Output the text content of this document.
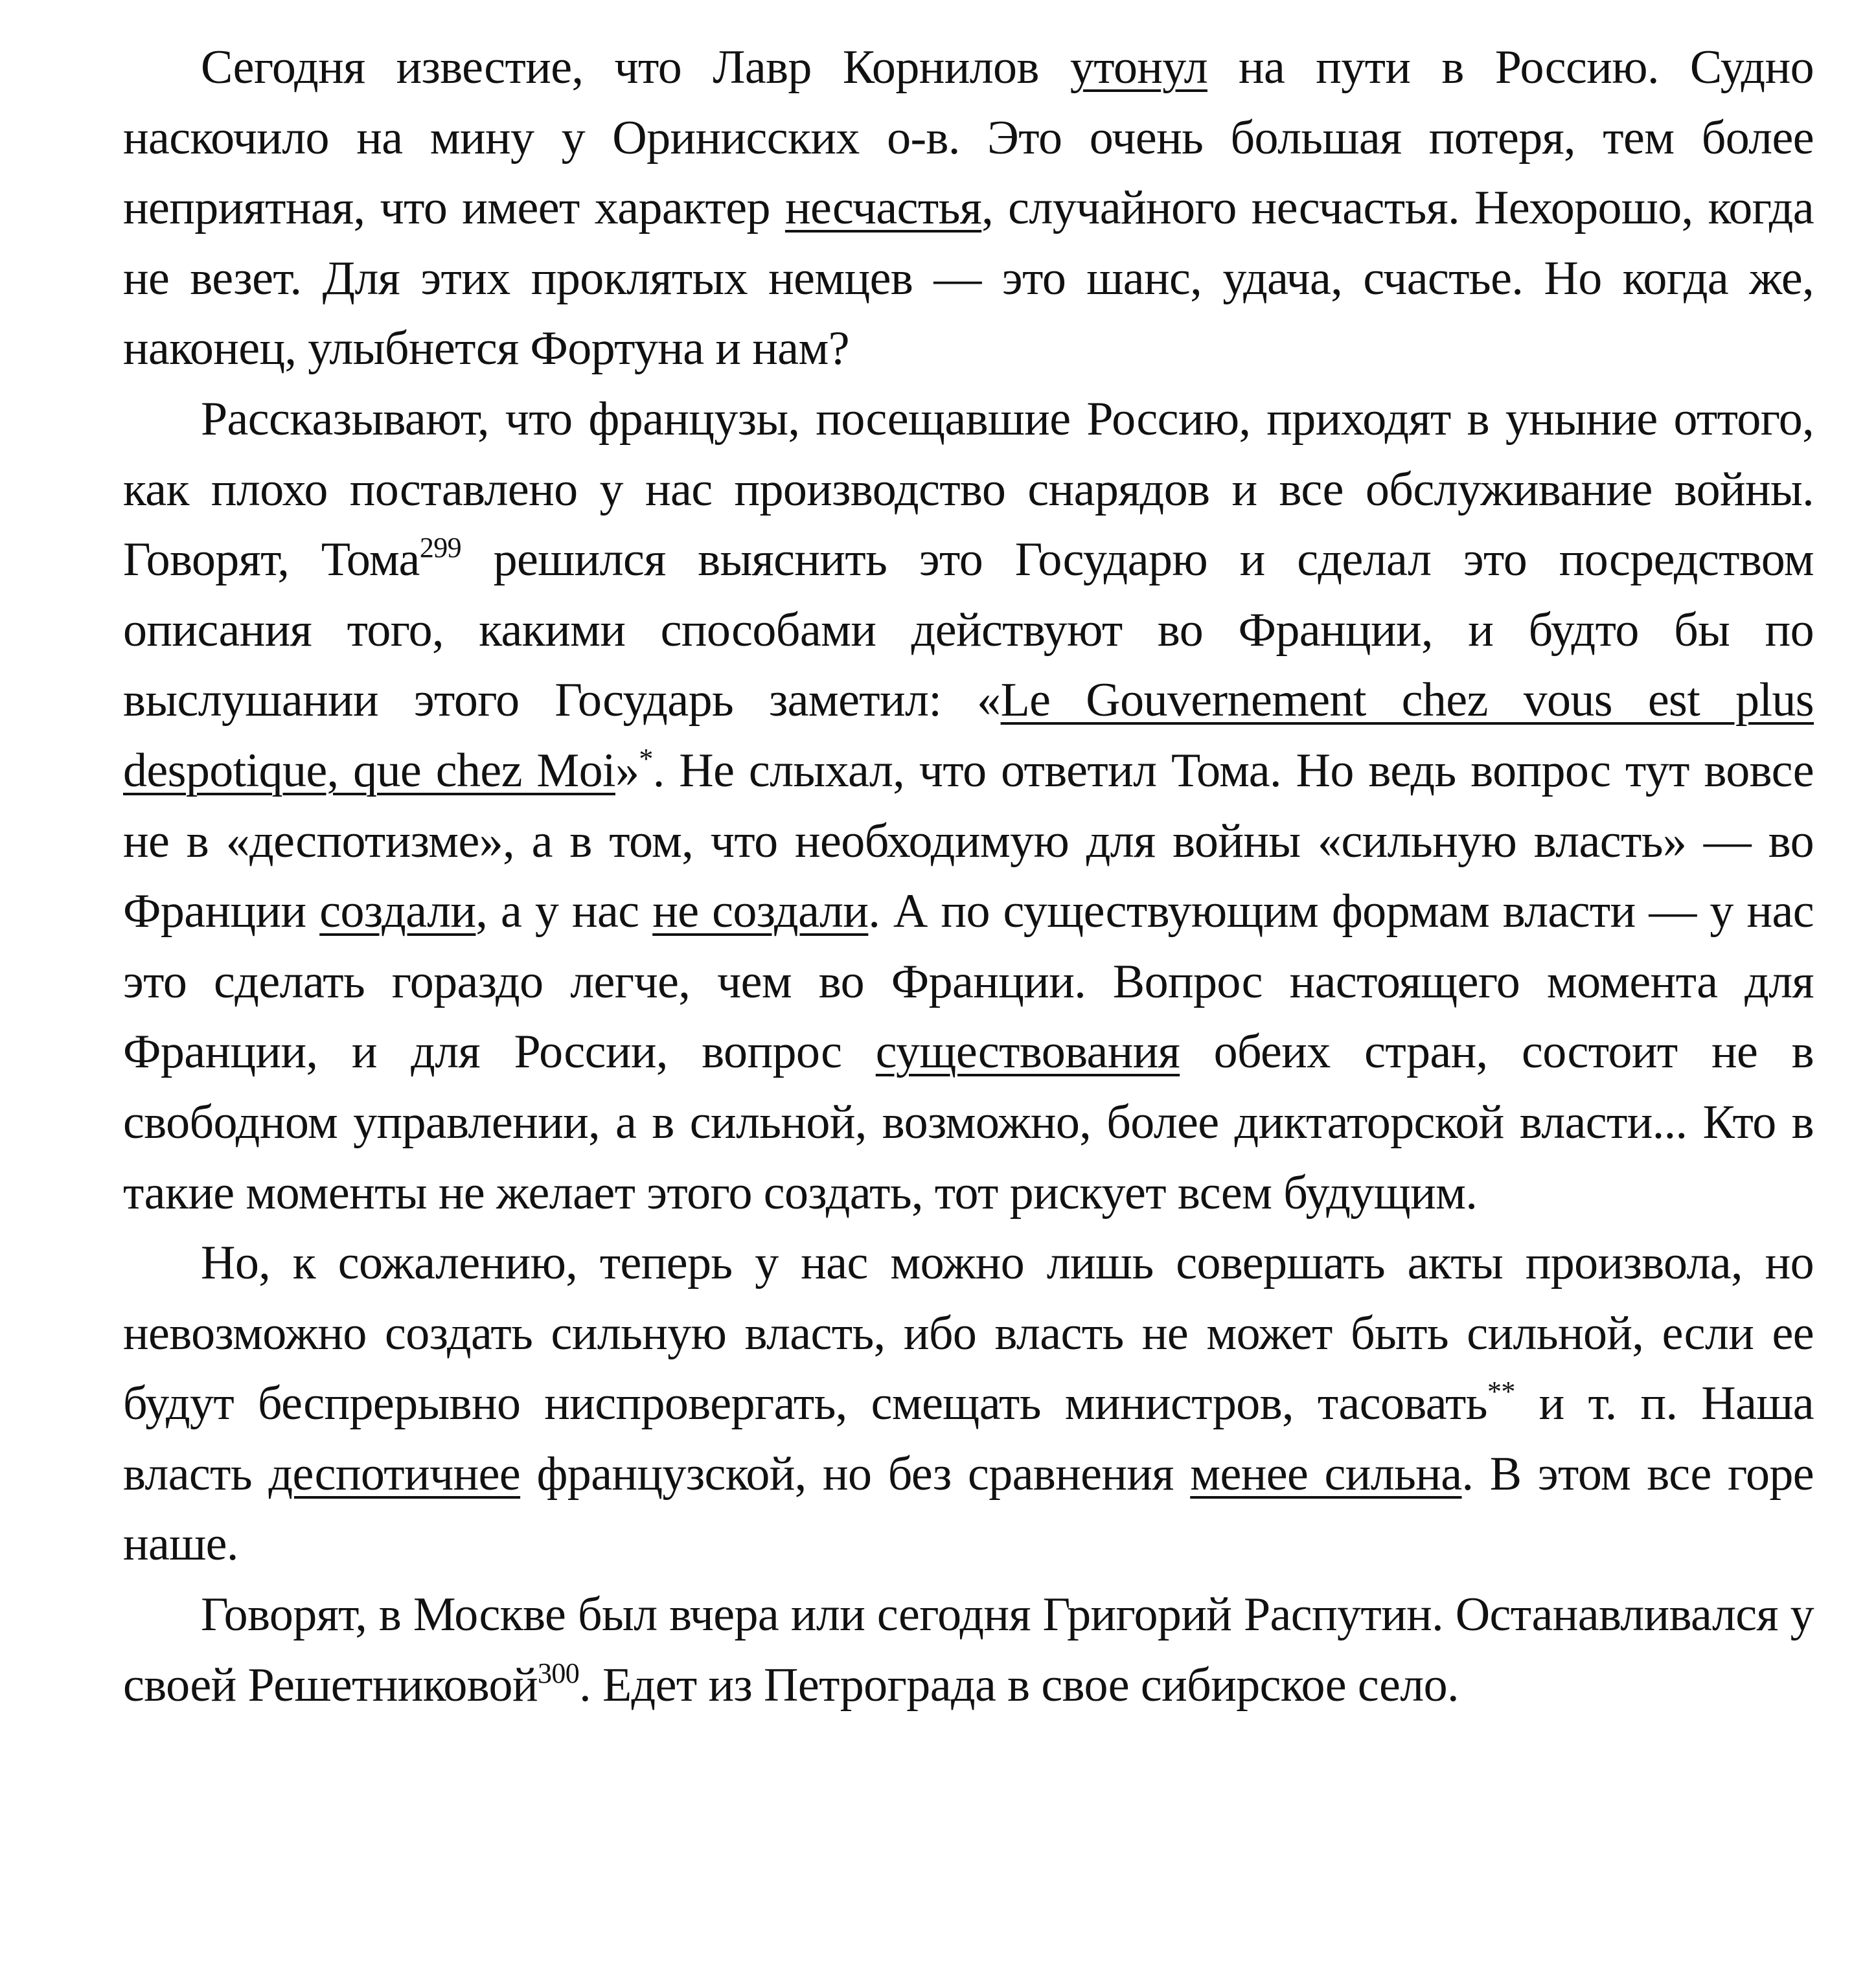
Сегодня известие, что Лавр Корнилов утонул на пути в Россию. Судно наскочило на мину у Оринисских о-в. Это очень большая потеря, тем более неприятная, что имеет характер несчастья, случайного несчастья. Нехорошо, когда не везет. Для этих проклятых немцев — это шанс, удача, счастье. Но когда же, наконец, улыбнется Фортуна и нам?

Рассказывают, что французы, посещавшие Россию, приходят в уныние оттого, как плохо поставлено у нас производство снарядов и все обслуживание войны. Говорят, Тома$^{299}$ решился выяснить это Государю и сделал это посредством описания того, какими способами действуют во Франции, и будто бы по выслушании этого Государь заметил: «Le Gouvernement chez vous est plus despotique, que chez Moi»*. Не слыхал, что ответил Тома. Но ведь вопрос тут вовсе не в «деспотизме», а в том, что необходимую для войны «сильную власть» — во Франции создали, а у нас не создали. А по существующим формам власти — у нас это сделать гораздо легче, чем во Франции. Вопрос настоящего момента для Франции, и для России, вопрос существования обеих стран, состоит не в свободном управлении, а в сильной, возможно, более диктаторской власти... Кто в такие моменты не желает этого создать, тот рискует всем будущим.

Но, к сожалению, теперь у нас можно лишь совершать акты произвола, но невозможно создать сильную власть, ибо власть не может быть сильной, если ее будут беспрерывно ниспровергать, смещать министров, тасовать** и т. п. Наша власть деспотичнее французской, но без сравнения менее сильна. В этом все горе наше.

Говорят, в Москве был вчера или сегодня Григорий Распутин. Останавливался у своей Решетниковой$^{300}$. Едет из Петрограда в свое сибирское село.
